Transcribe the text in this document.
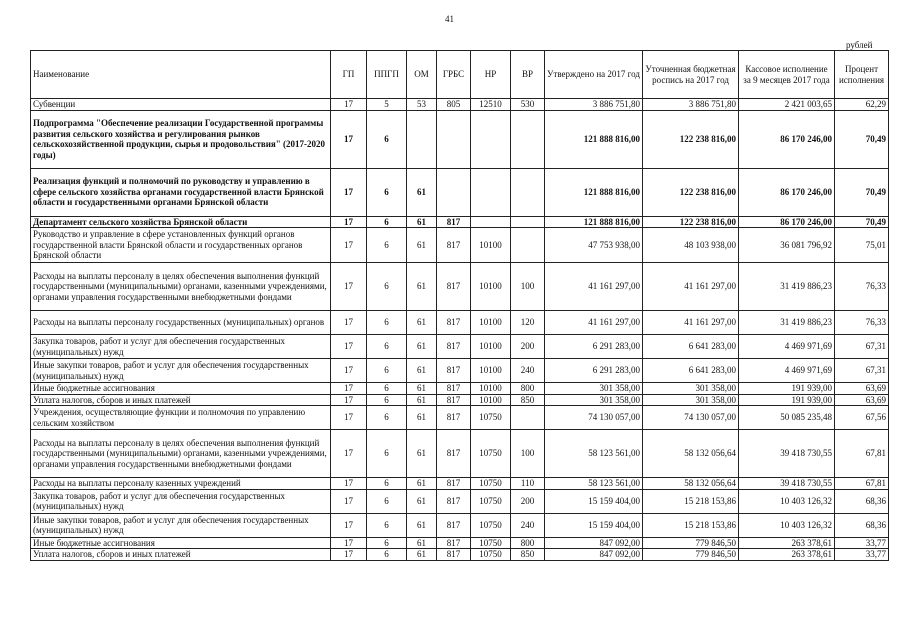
41
рублей
Наименование	ГП	ППГП	ОМ	ГРБС	НР	ВР	Утверждено на 2017 год	Уточненная бюджетная роспись на 2017 год	Кассовое исполнение за 9 месяцев 2017 года	Процент исполнения
Субвенции	17	5	53	805	12510	530	3 886 751,80	3 886 751,80	2 421 003,65	62,29
Подпрограмма "Обеспечение реализации Государственной программы развития сельского хозяйства и регулирования рынков сельскохозяйственной продукции, сырья и продовольствия" (2017-2020 годы)	17	6					121 888 816,00	122 238 816,00	86 170 246,00	70,49
Реализация функций и полномочий по руководству и управлению в сфере сельского хозяйства органами государственной власти Брянской области и государственными органами Брянской области	17	6	61				121 888 816,00	122 238 816,00	86 170 246,00	70,49
Департамент сельского хозяйства Брянской области	17	6	61	817			121 888 816,00	122 238 816,00	86 170 246,00	70,49
Руководство и управление в сфере установленных функций органов государственной власти Брянской области и государственных органов Брянской области	17	6	61	817	10100		47 753 938,00	48 103 938,00	36 081 796,92	75,01
Расходы на выплаты персоналу в целях обеспечения выполнения функций государственными (муниципальными) органами, казенными учреждениями, органами управления государственными внебюджетными фондами	17	6	61	817	10100	100	41 161 297,00	41 161 297,00	31 419 886,23	76,33
Расходы на выплаты персоналу государственных (муниципальных) органов	17	6	61	817	10100	120	41 161 297,00	41 161 297,00	31 419 886,23	76,33
Закупка товаров, работ и услуг для обеспечения государственных (муниципальных) нужд	17	6	61	817	10100	200	6 291 283,00	6 641 283,00	4 469 971,69	67,31
Иные закупки товаров, работ и услуг для обеспечения государственных (муниципальных) нужд	17	6	61	817	10100	240	6 291 283,00	6 641 283,00	4 469 971,69	67,31
Иные бюджетные ассигнования	17	6	61	817	10100	800	301 358,00	301 358,00	191 939,00	63,69
Уплата налогов, сборов и иных платежей	17	6	61	817	10100	850	301 358,00	301 358,00	191 939,00	63,69
Учреждения, осуществляющие функции и полномочия по управлению сельским хозяйством	17	6	61	817	10750		74 130 057,00	74 130 057,00	50 085 235,48	67,56
Расходы на выплаты персоналу в целях обеспечения выполнения функций государственными (муниципальными) органами, казенными учреждениями, органами управления государственными внебюджетными фондами	17	6	61	817	10750	100	58 123 561,00	58 132 056,64	39 418 730,55	67,81
Расходы на выплаты персоналу казенных учреждений	17	6	61	817	10750	110	58 123 561,00	58 132 056,64	39 418 730,55	67,81
Закупка товаров, работ и услуг для обеспечения государственных (муниципальных) нужд	17	6	61	817	10750	200	15 159 404,00	15 218 153,86	10 403 126,32	68,36
Иные закупки товаров, работ и услуг для обеспечения государственных (муниципальных) нужд	17	6	61	817	10750	240	15 159 404,00	15 218 153,86	10 403 126,32	68,36
Иные бюджетные ассигнования	17	6	61	817	10750	800	847 092,00	779 846,50	263 378,61	33,77
Уплата налогов, сборов и иных платежей	17	6	61	817	10750	850	847 092,00	779 846,50	263 378,61	33,77
